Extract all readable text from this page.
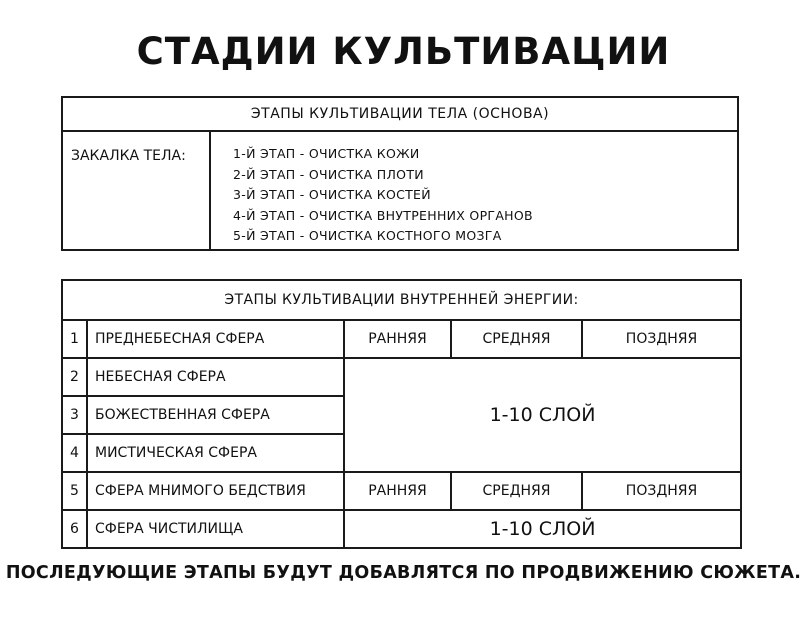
СТАДИИ КУЛЬТИВАЦИИ
ЭТАПЫ КУЛЬТИВАЦИИ ТЕЛА (ОСНОВА)
ЗАКАЛКА ТЕЛА:	1-Й ЭТАП - ОЧИСТКА КОЖИ
2-Й ЭТАП - ОЧИСТКА ПЛОТИ
3-Й ЭТАП - ОЧИСТКА КОСТЕЙ
4-Й ЭТАП - ОЧИСТКА ВНУТРЕННИХ ОРГАНОВ
5-Й ЭТАП - ОЧИСТКА КОСТНОГО МОЗГА
ЭТАПЫ КУЛЬТИВАЦИИ ВНУТРЕННЕЙ ЭНЕРГИИ:				
1	ПРЕДНЕБЕСНАЯ СФЕРА	РАННЯЯ	СРЕДНЯЯ	ПОЗДНЯЯ
2	НЕБЕСНАЯ СФЕРА	1-10 СЛОЙ		
3	БОЖЕСТВЕННАЯ СФЕРА			
4	МИСТИЧЕСКАЯ СФЕРА			
5	СФЕРА МНИМОГО БЕДСТВИЯ	РАННЯЯ	СРЕДНЯЯ	ПОЗДНЯЯ
6	СФЕРА ЧИСТИЛИЩА	1-10 СЛОЙ		
ПОСЛЕДУЮЩИЕ ЭТАПЫ БУДУТ ДОБАВЛЯТСЯ ПО ПРОДВИЖЕНИЮ СЮЖЕТА.
